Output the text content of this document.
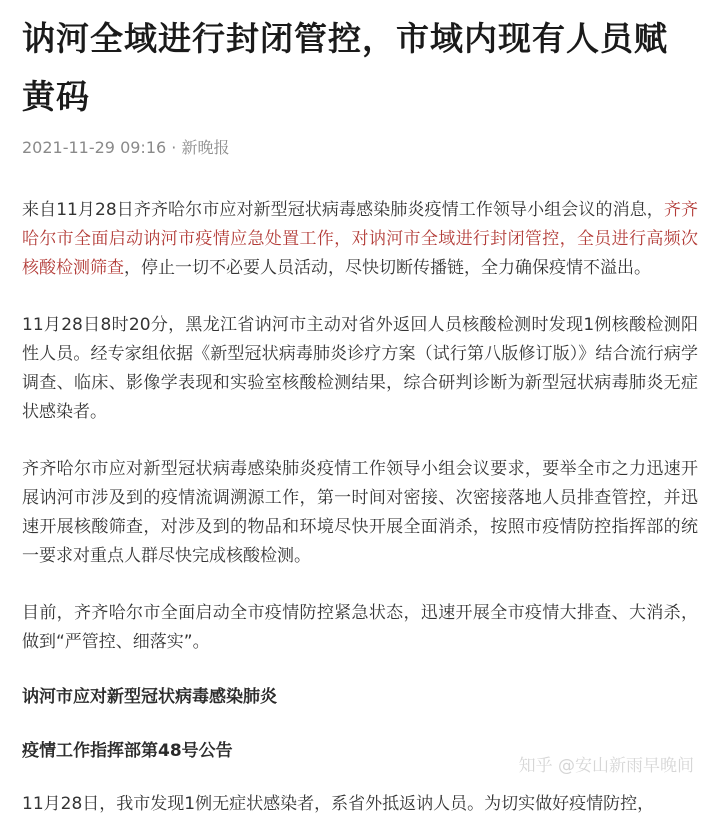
讷河全域进行封闭管控，市域内现有人员赋黄码
2021-11-29 09:16 · 新晚报

来自11月28日齐齐哈尔市应对新型冠状病毒感染肺炎疫情工作领导小组会议的消息，齐齐哈尔市全面启动讷河市疫情应急处置工作，对讷河市全域进行封闭管控，全员进行高频次核酸检测筛查，停止一切不必要人员活动，尽快切断传播链，全力确保疫情不溢出。

11月28日8时20分，黑龙江省讷河市主动对省外返回人员核酸检测时发现1例核酸检测阳性人员。经专家组依据《新型冠状病毒肺炎诊疗方案（试行第八版修订版）》结合流行病学调查、临床、影像学表现和实验室核酸检测结果，综合研判诊断为新型冠状病毒肺炎无症状感染者。

齐齐哈尔市应对新型冠状病毒感染肺炎疫情工作领导小组会议要求，要举全市之力迅速开展讷河市涉及到的疫情流调溯源工作，第一时间对密接、次密接落地人员排查管控，并迅速开展核酸筛查，对涉及到的物品和环境尽快开展全面消杀，按照市疫情防控指挥部的统一要求对重点人群尽快完成核酸检测。

目前，齐齐哈尔市全面启动全市疫情防控紧急状态，迅速开展全市疫情大排查、大消杀，做到“严管控、细落实”。

讷河市应对新型冠状病毒感染肺炎

疫情工作指挥部第48号公告

11月28日，我市发现1例无症状感染者，系省外抵返讷人员。为切实做好疫情防控，

知乎 @安山新雨早晚间
